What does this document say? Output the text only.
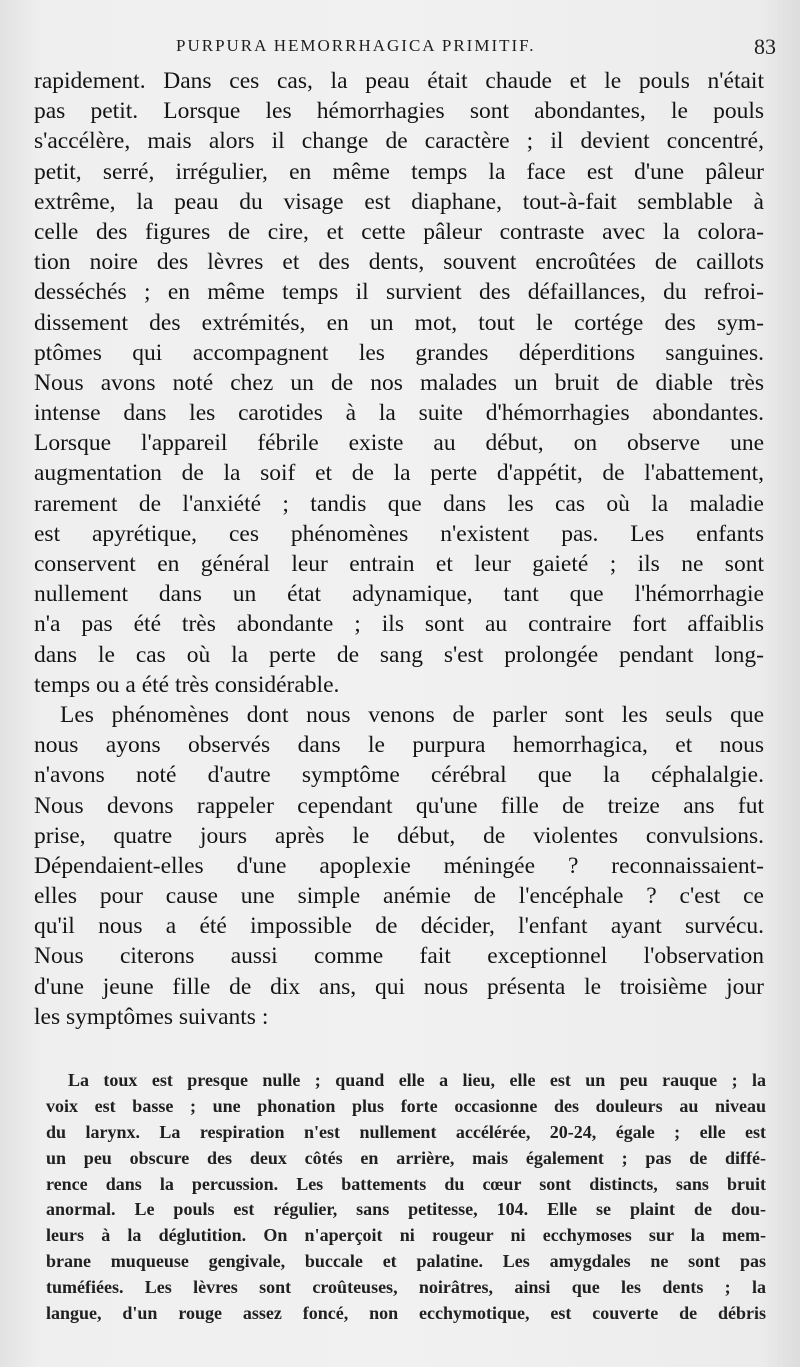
PURPURA HEMORRHAGICA PRIMITIF.	83
rapidement. Dans ces cas, la peau était chaude et le pouls n'était
pas petit. Lorsque les hémorrhagies sont abondantes, le pouls
s'accélère, mais alors il change de caractère ; il devient concentré,
petit, serré, irrégulier, en même temps la face est d'une pâleur
extrême, la peau du visage est diaphane, tout-à-fait semblable à
celle des figures de cire, et cette pâleur contraste avec la colora-
tion noire des lèvres et des dents, souvent encroûtées de caillots
desséchés ; en même temps il survient des défaillances, du refroi-
dissement des extrémités, en un mot, tout le cortége des sym-
ptômes qui accompagnent les grandes déperditions sanguines.
Nous avons noté chez un de nos malades un bruit de diable très
intense dans les carotides à la suite d'hémorrhagies abondantes.
Lorsque l'appareil fébrile existe au début, on observe une
augmentation de la soif et de la perte d'appétit, de l'abattement,
rarement de l'anxiété ; tandis que dans les cas où la maladie
est apyrétique, ces phénomènes n'existent pas. Les enfants
conservent en général leur entrain et leur gaieté ; ils ne sont
nullement dans un état adynamique, tant que l'hémorrhagie
n'a pas été très abondante ; ils sont au contraire fort affaiblis
dans le cas où la perte de sang s'est prolongée pendant long-
temps ou a été très considérable.
Les phénomènes dont nous venons de parler sont les seuls que
nous ayons observés dans le purpura hemorrhagica, et nous
n'avons noté d'autre symptôme cérébral que la céphalalgie.
Nous devons rappeler cependant qu'une fille de treize ans fut
prise, quatre jours après le début, de violentes convulsions.
Dépendaient-elles d'une apoplexie méningée ? reconnaissaient-
elles pour cause une simple anémie de l'encéphale ? c'est ce
qu'il nous a été impossible de décider, l'enfant ayant survécu.
Nous citerons aussi comme fait exceptionnel l'observation
d'une jeune fille de dix ans, qui nous présenta le troisième jour
les symptômes suivants :
La toux est presque nulle ; quand elle a lieu, elle est un peu rauque ; la
voix est basse ; une phonation plus forte occasionne des douleurs au niveau
du larynx. La respiration n'est nullement accélérée, 20-24, égale ; elle est
un peu obscure des deux côtés en arrière, mais également ; pas de diffé-
rence dans la percussion. Les battements du cœur sont distincts, sans bruit
anormal. Le pouls est régulier, sans petitesse, 104. Elle se plaint de dou-
leurs à la déglutition. On n'aperçoit ni rougeur ni ecchymoses sur la mem-
brane muqueuse gengivale, buccale et palatine. Les amygdales ne sont pas
tuméfiées. Les lèvres sont croûteuses, noirâtres, ainsi que les dents ; la
langue, d'un rouge assez foncé, non ecchymotique, est couverte de débris
